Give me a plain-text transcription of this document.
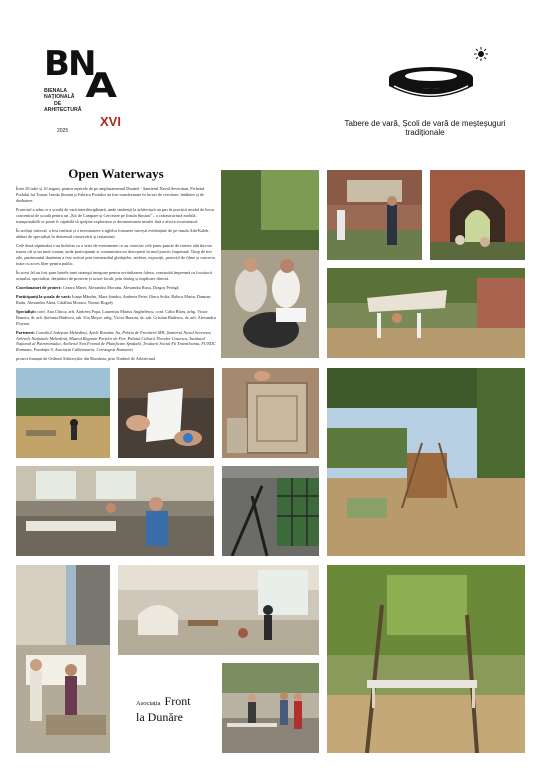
B
N
A
BIENALA
NAȚIONALĂ
DE
ARHITECTURĂ
XVI
2025
Tabere de vară, Școli de vară de meșteșuguri tradiționale
Open Waterways

Între 28 iulie și 10 august, pentru reperele de pe amplasamentul Dunării - Șantierul Naval Severinan, Pichetul Podului lui Traian, Insula Șimian și Fabrica Portului au fost transformate în locuri de cercetare, întâlnire și de dezbatere.

Proiectul a adus ce a școală de vară interdisciplinară, unde studenții la arhitectură au pus în practică modul de lucru concentrat de școală pentru un „Kit de Campare și Cercetare pe Insula Șimian” – o infrastructură mobilă, transportabilă ce poate fi capabilă să sprijine explorarea și documentarea insulei fără a afecta ecosistemul.

În același interval, a fost realizat și o inventariere a tiglelor fotoarete turcești evidențiate de pe insula Ada-Kaleh, alături de specialiști în domeniul conservării și restaurării.

Cele două săptămâni s-au încheiat cu o serie de evenimente ce au conectat cele patru puncte de interes atât într-un traseu cât și un mod comun, unde participanții și comunitatea au descoperit în mod practic împreună. Timp de trei zile, patrimoniul dunărean a fost activat prin intermediul ghidajelor, ateliere, expoziții, proiecții de filme și concerte, toate cu acces liber pentru public.

În acest fel au fost puse bazele unei strategii integrate pentru revitalizarea faleza, construită împreună cu locuitorii orașului, specialiști, deținători de proiecte și actori locali, prin dialog și implicare directă.

Coordonatori de proiect: Cezara Marei, Alexandra Mocanu, Alexandra Rusu, Dragoș Peirigă

Participanți la școala de vară: Ioana Mândru, Mara Șandru, Andreea Petre, Ilinca Sofia, Raluca Marin, Damian Radu, Alexandra Alina, Cătălina Moraru, Noemi Bogoly

Specialiști: conf. Ana Chirca, arh. Andreea Popa, Laurențiu Marius Anghelescu, conf. Călin Bîrzu, arhg. Victor Bunoiu, dr. arh. Ștefania Bădescu, arh. Uta Meyer, arhg. Victor Bunoiu, dr. arh. Cristian Bădescu, dr. arh. Alexandru Floyeru

Parteneri: Consiliul Județean Mehedinți, Apele Române Jiu, Poliția de Frontieră MH, Șantierul Naval Severnav, Arhivele Naționale Mehedinți, Muzeul Regiunii Porților de Fier, Palatul Culturii Theodor Costescu, Institutul Național al Patrimoniului, Atelierul Non Formal de Planificare Spațială, Țesăturii Social Fil Transilvania, FUNDC Romania, Fundația 9, Asociația Calbromaria, Cetrangest Romaniei

proiect finanțat de Ordinul Arhitecților din România, prin Timbrul de Arhitectură

Asociația Front
la Dunăre
